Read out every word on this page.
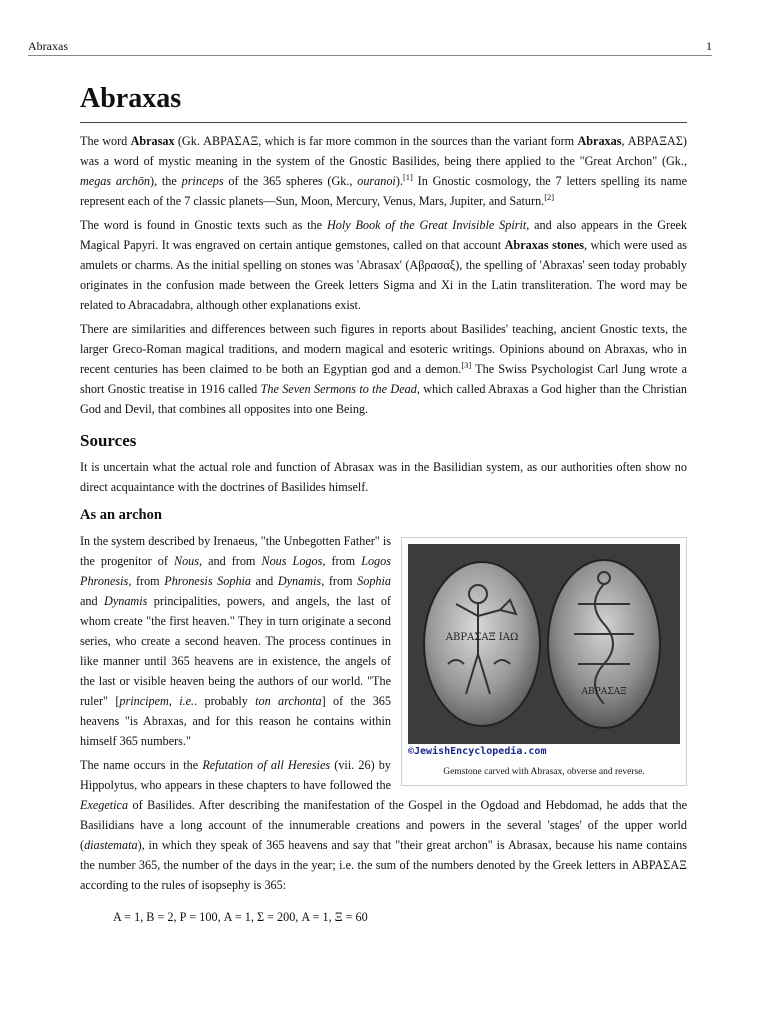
Abraxas	1
Abraxas

The word Abrasax (Gk. ΑΒΡΑΣΑΞ, which is far more common in the sources than the variant form Abraxas, ΑΒΡΑΞΑΣ) was a word of mystic meaning in the system of the Gnostic Basilides, being there applied to the "Great Archon" (Gk., megas archōn), the princeps of the 365 spheres (Gk., ouranoi).[1] In Gnostic cosmology, the 7 letters spelling its name represent each of the 7 classic planets―Sun, Moon, Mercury, Venus, Mars, Jupiter, and Saturn.[2]

The word is found in Gnostic texts such as the Holy Book of the Great Invisible Spirit, and also appears in the Greek Magical Papyri. It was engraved on certain antique gemstones, called on that account Abraxas stones, which were used as amulets or charms. As the initial spelling on stones was 'Abrasax' (Αβρασαξ), the spelling of 'Abraxas' seen today probably originates in the confusion made between the Greek letters Sigma and Xi in the Latin transliteration. The word may be related to Abracadabra, although other explanations exist.

There are similarities and differences between such figures in reports about Basilides' teaching, ancient Gnostic texts, the larger Greco-Roman magical traditions, and modern magical and esoteric writings. Opinions abound on Abraxas, who in recent centuries has been claimed to be both an Egyptian god and a demon.[3] The Swiss Psychologist Carl Jung wrote a short Gnostic treatise in 1916 called The Seven Sermons to the Dead, which called Abraxas a God higher than the Christian God and Devil, that combines all opposites into one Being.

Sources

It is uncertain what the actual role and function of Abrasax was in the Basilidian system, as our authorities often show no direct acquaintance with the doctrines of Basilides himself.

As an archon
ΑΒΡΑΣΑΞ ΙΑΩ
ΑΒΡΑΣΑΞ
©JewishEncyclopedia.com
Gemstone carved with Abrasax, obverse and reverse.

In the system described by Irenaeus, "the Unbegotten Father" is the progenitor of Nous, and from Nous Logos, from Logos Phronesis, from Phronesis Sophia and Dynamis, from Sophia and Dynamis principalities, powers, and angels, the last of whom create "the first heaven." They in turn originate a second series, who create a second heaven. The process continues in like manner until 365 heavens are in existence, the angels of the last or visible heaven being the authors of our world. "The ruler" [principem, i.e.. probably ton archonta] of the 365 heavens "is Abraxas, and for this reason he contains within himself 365 numbers."

The name occurs in the Refutation of all Heresies (vii. 26) by Hippolytus, who appears in these chapters to have followed the Exegetica of Basilides. After describing the manifestation of the Gospel in the Ogdoad and Hebdomad, he adds that the Basilidians have a long account of the innumerable creations and powers in the several 'stages' of the upper world (diastemata), in which they speak of 365 heavens and say that "their great archon" is Abrasax, because his name contains the number 365, the number of the days in the year; i.e. the sum of the numbers denoted by the Greek letters in ΑΒΡΑΣΑΞ according to the rules of isopsephy is 365:

A = 1, B = 2, Ρ = 100, A = 1, Σ = 200, A = 1, Ξ = 60
